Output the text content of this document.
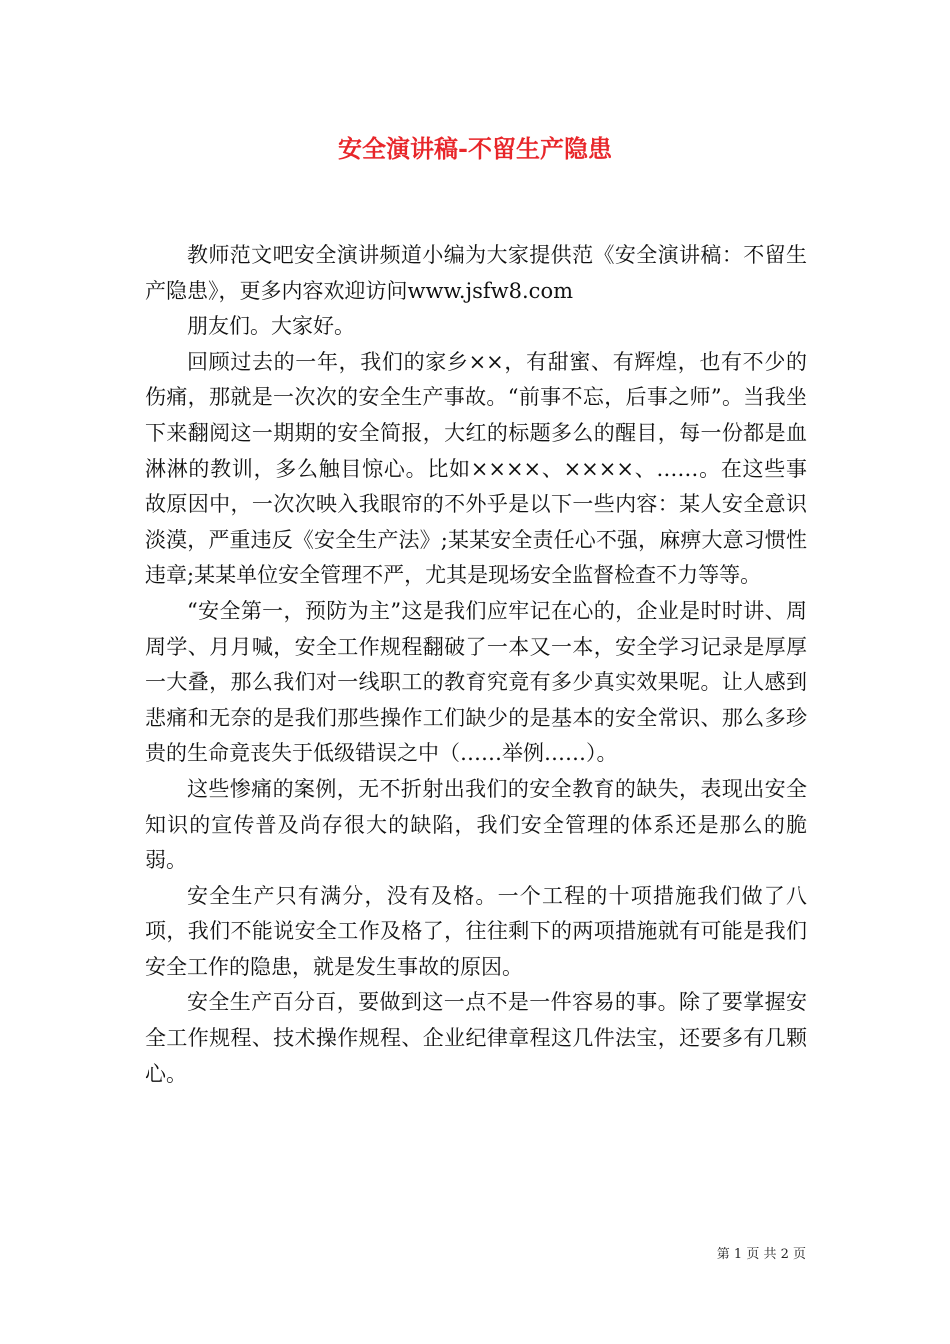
安全演讲稿-不留生产隐患

教师范文吧安全演讲频道小编为大家提供范《安全演讲稿：不留生产隐患》，更多内容欢迎访问www.jsfw8.com

朋友们。大家好。

回顾过去的一年，我们的家乡××，有甜蜜、有辉煌，也有不少的伤痛，那就是一次次的安全生产事故。“前事不忘，后事之师”。当我坐下来翻阅这一期期的安全简报，大红的标题多么的醒目，每一份都是血淋淋的教训，多么触目惊心。比如××××、××××、……。在这些事故原因中，一次次映入我眼帘的不外乎是以下一些内容：某人安全意识淡漠，严重违反《安全生产法》;某某安全责任心不强，麻痹大意习惯性违章;某某单位安全管理不严，尤其是现场安全监督检查不力等等。

“安全第一，预防为主”这是我们应牢记在心的，企业是时时讲、周周学、月月喊，安全工作规程翻破了一本又一本，安全学习记录是厚厚一大叠，那么我们对一线职工的教育究竟有多少真实效果呢。让人感到悲痛和无奈的是我们那些操作工们缺少的是基本的安全常识、那么多珍贵的生命竟丧失于低级错误之中（……举例……）。

这些惨痛的案例，无不折射出我们的安全教育的缺失，表现出安全知识的宣传普及尚存很大的缺陷，我们安全管理的体系还是那么的脆弱。

安全生产只有满分，没有及格。一个工程的十项措施我们做了八项，我们不能说安全工作及格了，往往剩下的两项措施就有可能是我们安全工作的隐患，就是发生事故的原因。

安全生产百分百，要做到这一点不是一件容易的事。除了要掌握安全工作规程、技术操作规程、企业纪律章程这几件法宝，还要多有几颗心。

第 1 页 共 2 页
